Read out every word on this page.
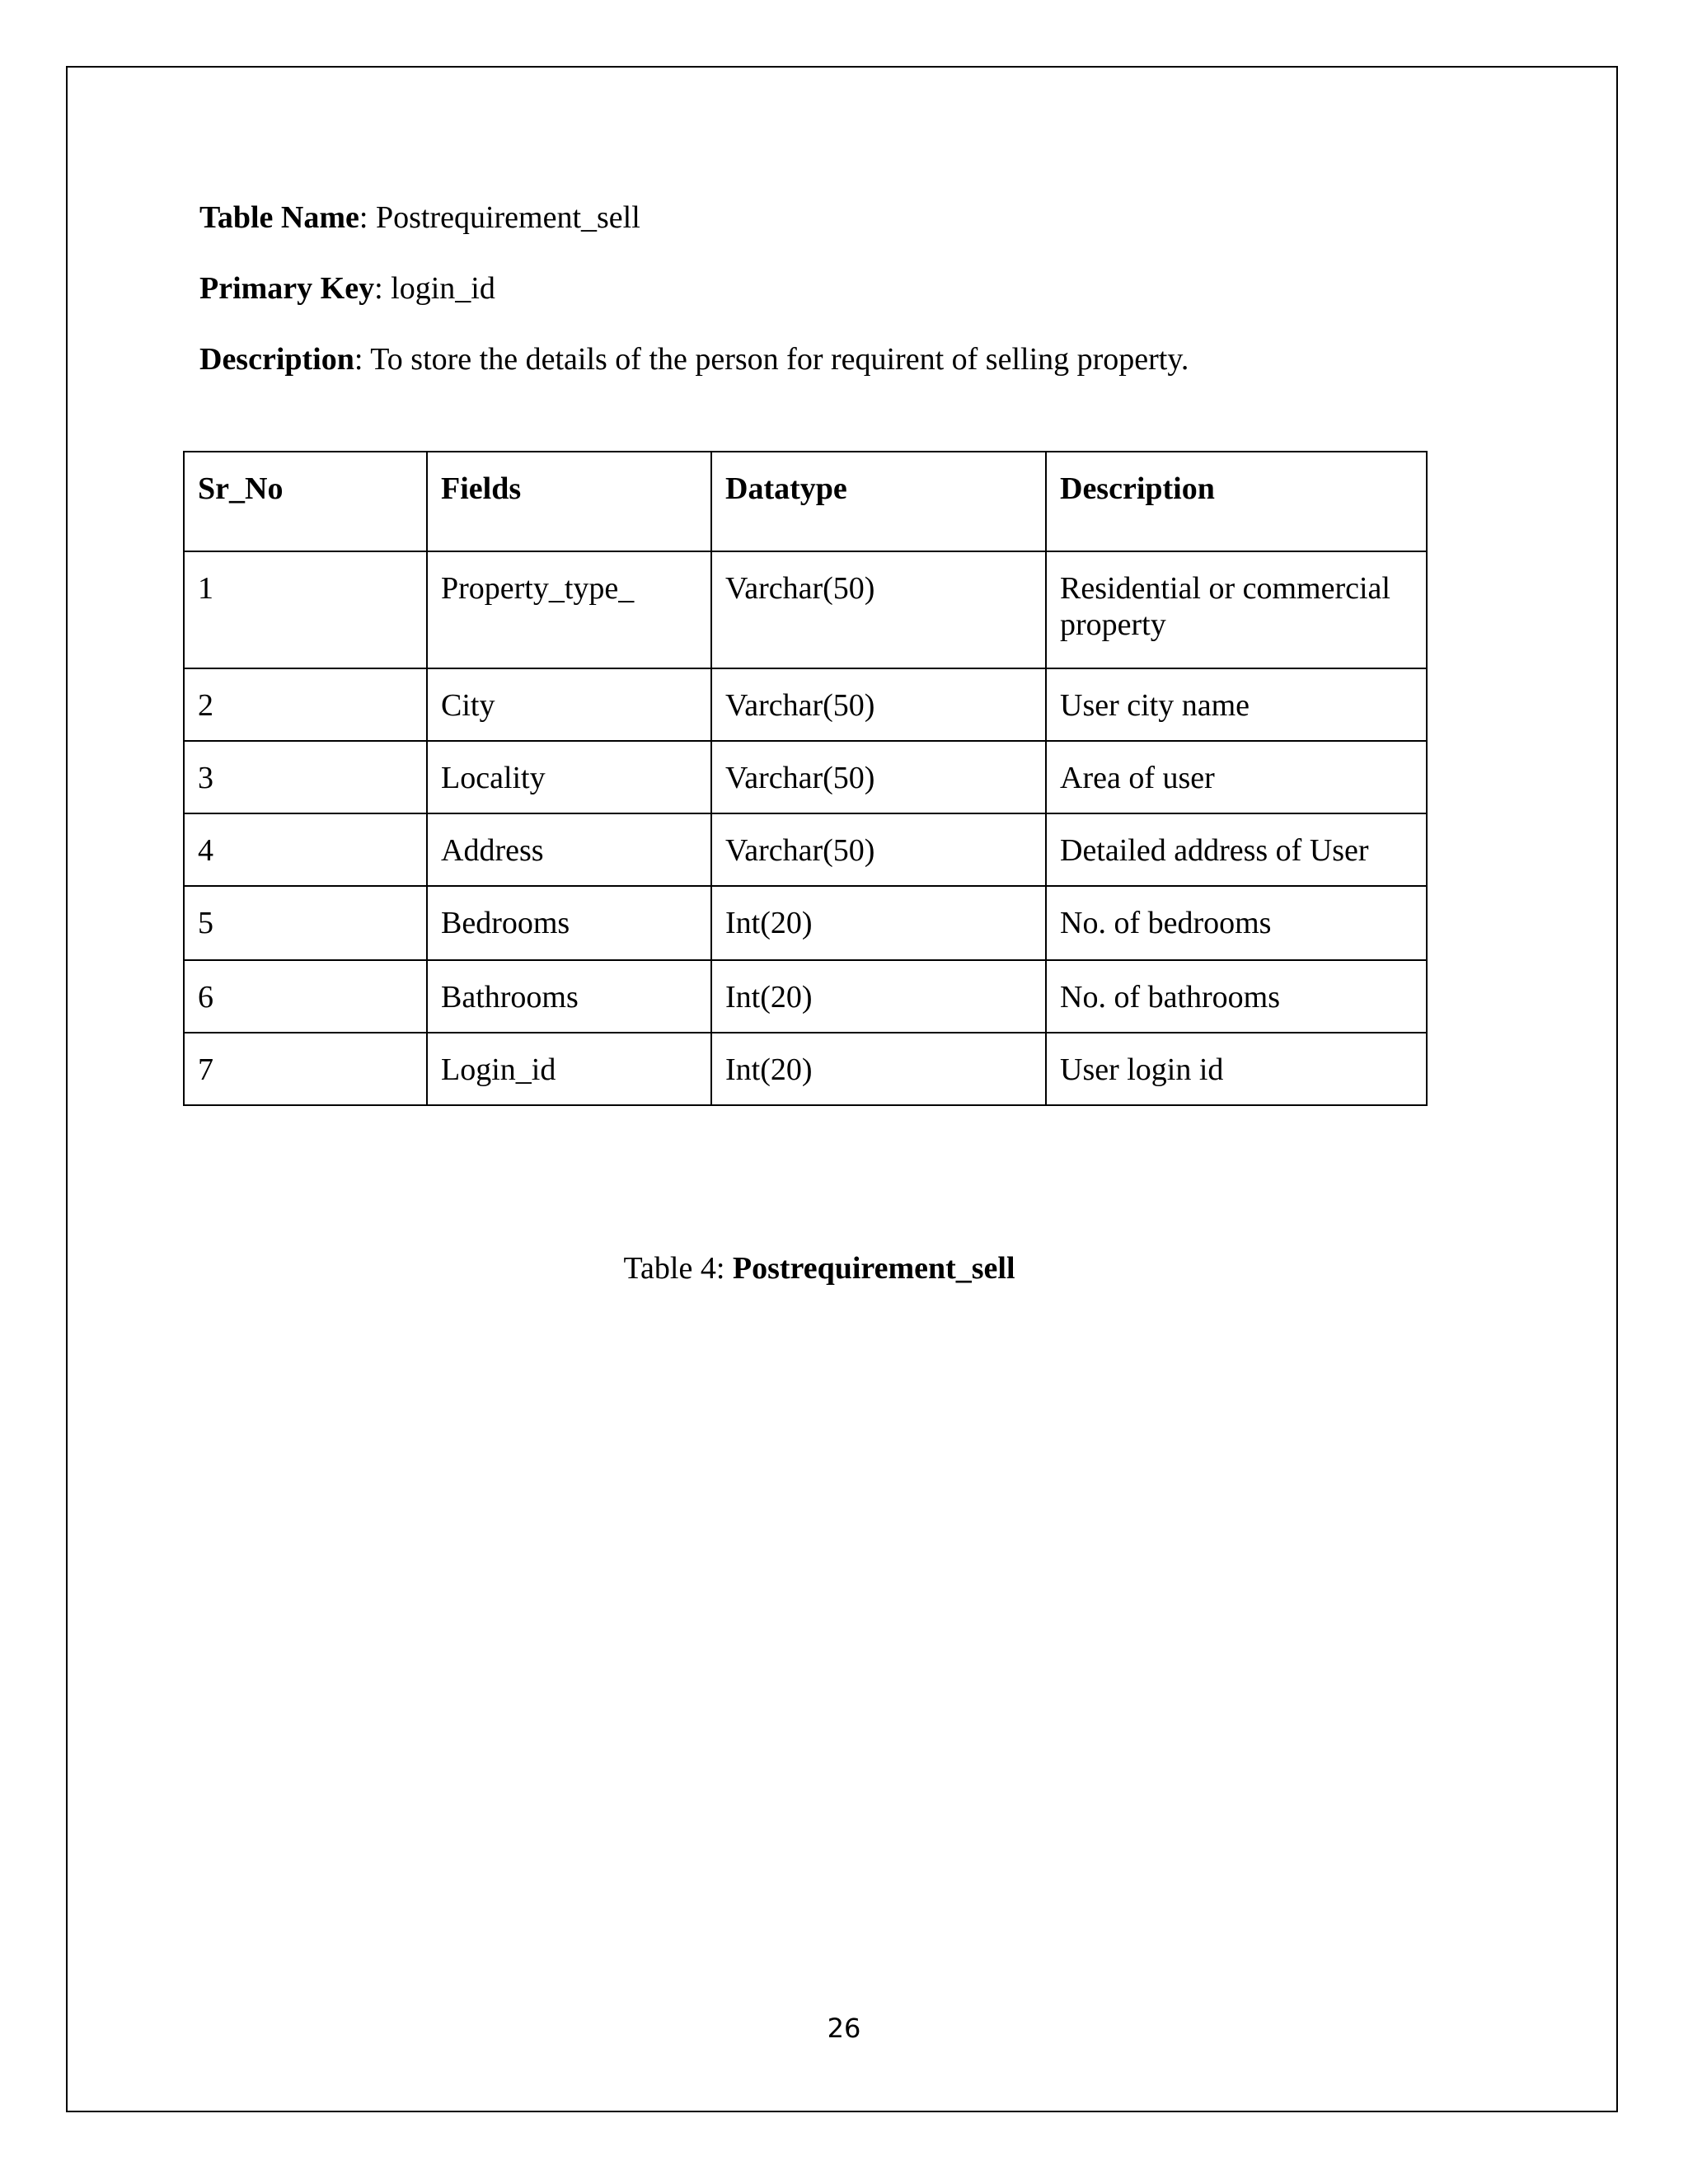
Table Name: Postrequirement_sell
Primary Key: login_id
Description: To store the details of the person for requirent of selling property.
Sr_No	Fields	Datatype	Description
1	Property_type_	Varchar(50)	Residential or commercial property
2	City	Varchar(50)	User city name
3	Locality	Varchar(50)	Area of user
4	Address	Varchar(50)	Detailed address of User
5	Bedrooms	Int(20)	No. of bedrooms
6	Bathrooms	Int(20)	No. of bathrooms
7	Login_id	Int(20)	User login id
Table 4: Postrequirement_sell
26
